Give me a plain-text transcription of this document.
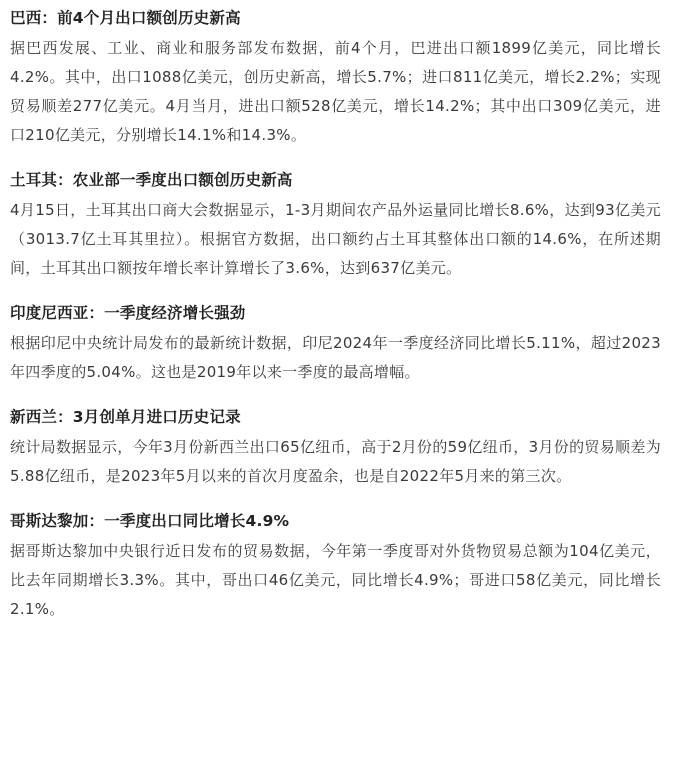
巴西：前4个月出口额创历史新高

据巴西发展、工业、商业和服务部发布数据，前4个月，巴进出口额1899亿美元，同比增长4.2%。其中，出口1088亿美元，创历史新高，增长5.7%；进口811亿美元，增长2.2%；实现贸易顺差277亿美元。4月当月，进出口额528亿美元，增长14.2%；其中出口309亿美元，进口210亿美元，分别增长14.1%和14.3%。

土耳其：农业部一季度出口额创历史新高

4月15日，土耳其出口商大会数据显示，1-3月期间农产品外运量同比增长8.6%，达到93亿美元（3013.7亿土耳其里拉）。根据官方数据，出口额约占土耳其整体出口额的14.6%，在所述期间，土耳其出口额按年增长率计算增长了3.6%，达到637亿美元。

印度尼西亚：一季度经济增长强劲

根据印尼中央统计局发布的最新统计数据，印尼2024年一季度经济同比增长5.11%，超过2023年四季度的5.04%。这也是2019年以来一季度的最高增幅。

新西兰：3月创单月进口历史记录

统计局数据显示，今年3月份新西兰出口65亿纽币，高于2月份的59亿纽币，3月份的贸易顺差为5.88亿纽币，是2023年5月以来的首次月度盈余，也是自2022年5月来的第三次。

哥斯达黎加：一季度出口同比增长4.9%

据哥斯达黎加中央银行近日发布的贸易数据，今年第一季度哥对外货物贸易总额为104亿美元，比去年同期增长3.3%。其中，哥出口46亿美元，同比增长4.9%；哥进口58亿美元，同比增长2.1%。
